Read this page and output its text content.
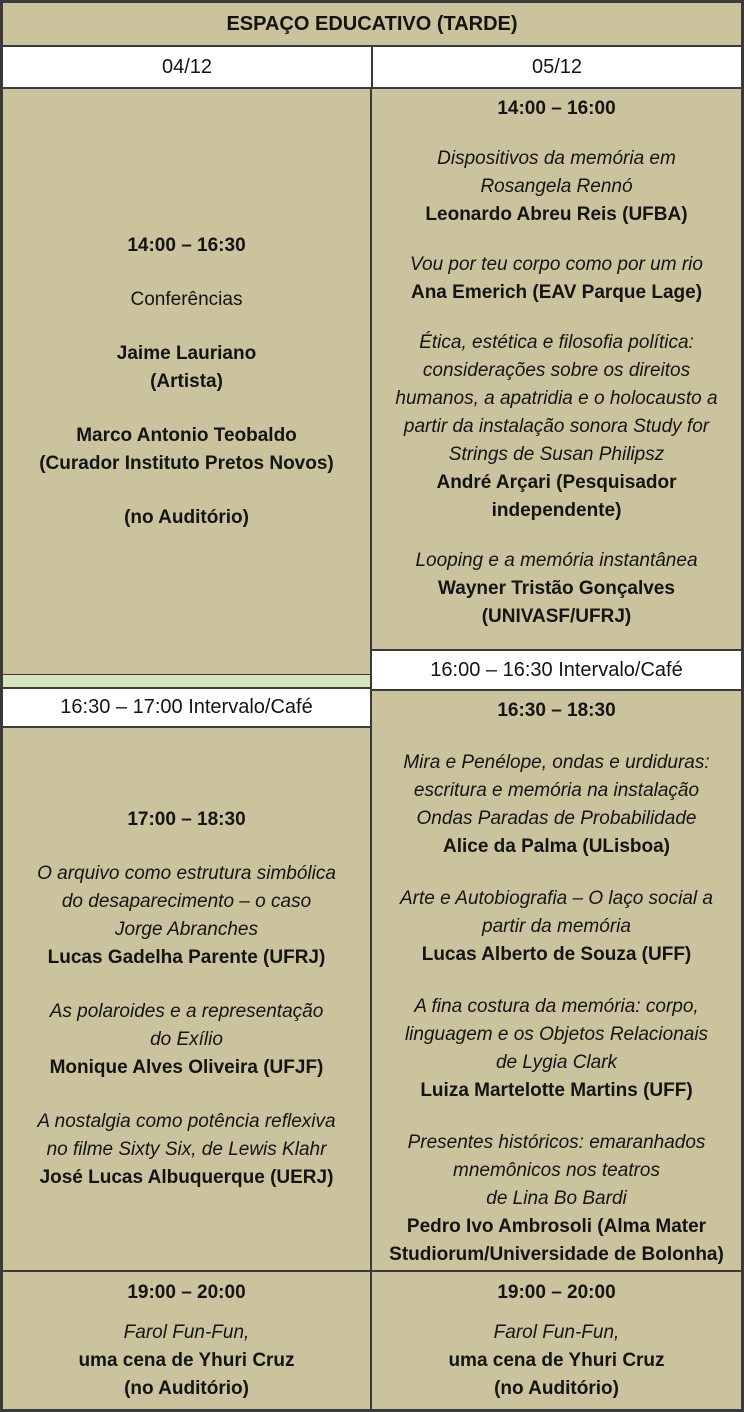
ESPAÇO EDUCATIVO (TARDE)
04/12	05/12
14:00 – 16:30
Conferências
Jaime Lauriano
(Artista)
Marco Antonio Teobaldo
(Curador Instituto Pretos Novos)
(no Auditório)
16:30 – 17:00 Intervalo/Café
17:00 – 18:30
O arquivo como estrutura simbólica
do desaparecimento – o caso
Jorge Abranches
Lucas Gadelha Parente (UFRJ)
As polaroides e a representação
do Exílio
Monique Alves Oliveira (UFJF)
A nostalgia como potência reflexiva
no filme Sixty Six, de Lewis Klahr
José Lucas Albuquerque (UERJ)
19:00 – 20:00
Farol Fun-Fun,
uma cena de Yhuri Cruz
(no Auditório)
14:00 – 16:00
Dispositivos da memória em
Rosangela Rennó
Leonardo Abreu Reis (UFBA)
Vou por teu corpo como por um rio
Ana Emerich (EAV Parque Lage)
Ética, estética e filosofia política:
considerações sobre os direitos
humanos, a apatridia e o holocausto a
partir da instalação sonora Study for
Strings de Susan Philipsz
André Arçari (Pesquisador
independente)
Looping e a memória instantânea
Wayner Tristão Gonçalves
(UNIVASF/UFRJ)
16:00 – 16:30 Intervalo/Café
16:30 – 18:30
Mira e Penélope, ondas e urdiduras:
escritura e memória na instalação
Ondas Paradas de Probabilidade
Alice da Palma (ULisboa)
Arte e Autobiografia – O laço social a
partir da memória
Lucas Alberto de Souza (UFF)
A fina costura da memória: corpo,
linguagem e os Objetos Relacionais
de Lygia Clark
Luiza Martelotte Martins (UFF)
Presentes históricos: emaranhados
mnemônicos nos teatros
de Lina Bo Bardi
Pedro Ivo Ambrosoli (Alma Mater
Studiorum/Universidade de Bolonha)
19:00 – 20:00
Farol Fun-Fun,
uma cena de Yhuri Cruz
(no Auditório)
